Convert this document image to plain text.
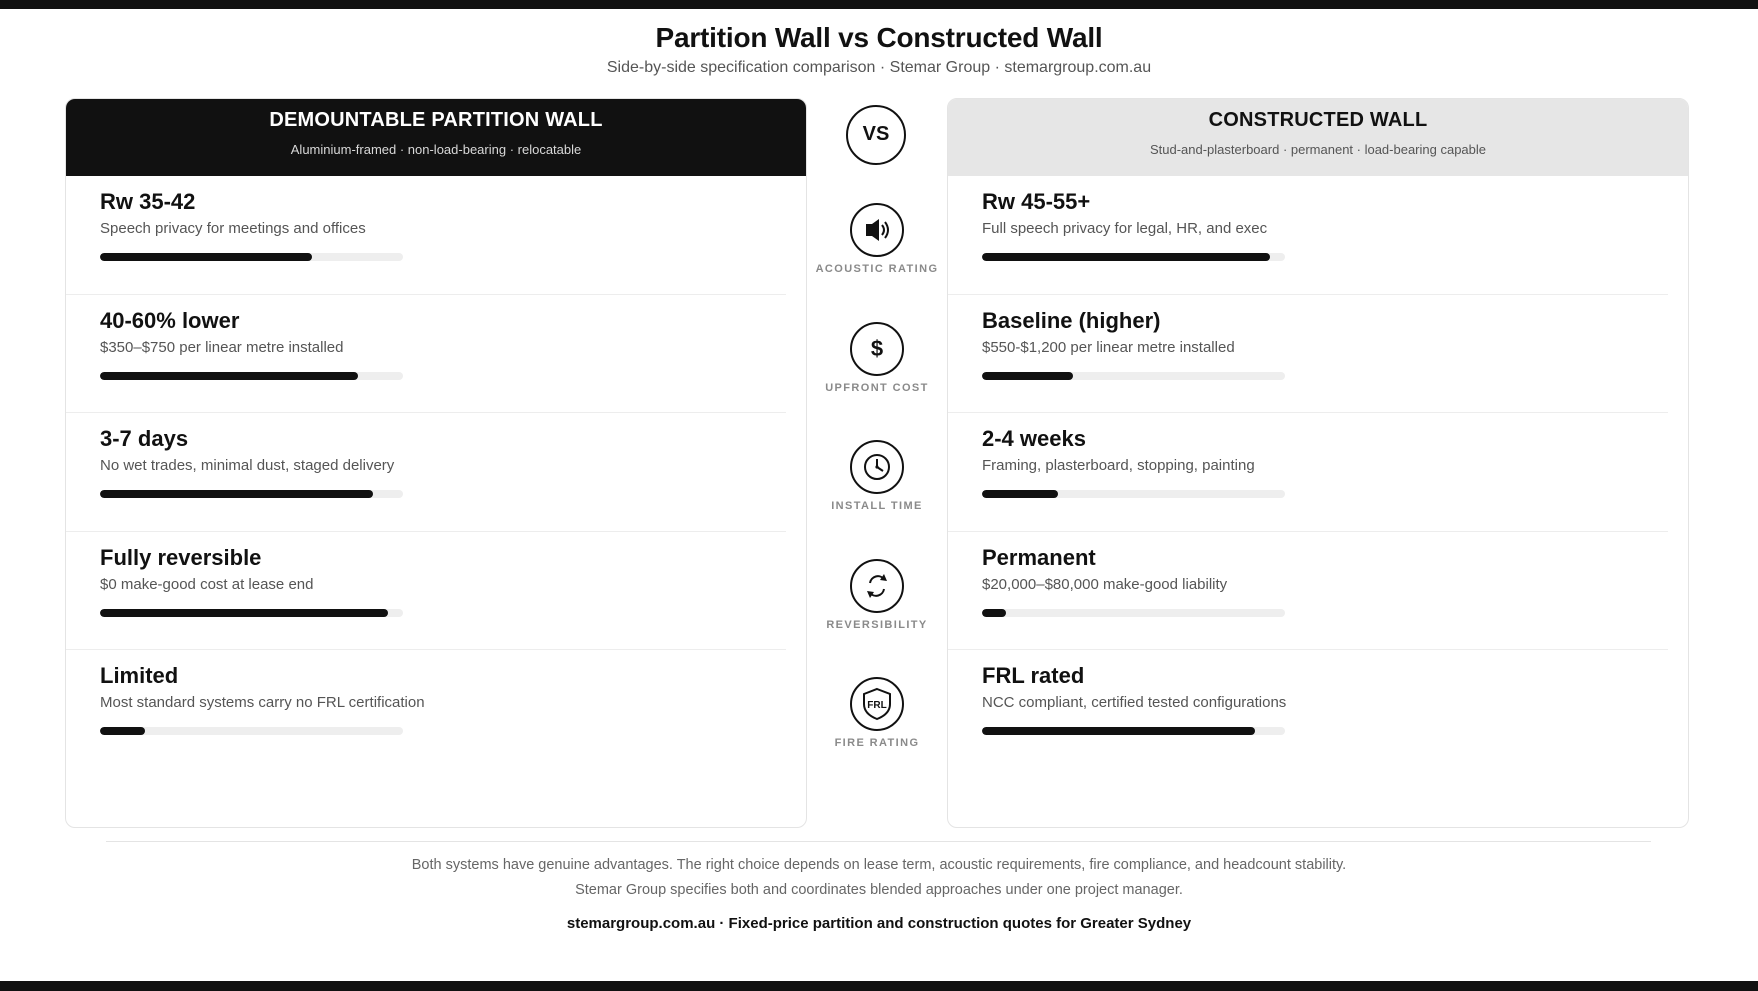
Partition Wall vs Constructed Wall
Side-by-side specification comparison · Stemar Group · stemargroup.com.au
DEMOUNTABLE PARTITION WALL
Aluminium-framed · non-load-bearing · relocatable
Rw 35-42
Speech privacy for meetings and offices
40-60% lower
$350–$750 per linear metre installed
3-7 days
No wet trades, minimal dust, staged delivery
Fully reversible
$0 make-good cost at lease end
Limited
Most standard systems carry no FRL certification
CONSTRUCTED WALL
Stud-and-plasterboard · permanent · load-bearing capable
Rw 45-55+
Full speech privacy for legal, HR, and exec
Baseline (higher)
$550-$1,200 per linear metre installed
2-4 weeks
Framing, plasterboard, stopping, painting
Permanent
$20,000–$80,000 make-good liability
FRL rated
NCC compliant, certified tested configurations
VS
ACOUSTIC RATING
$
UPFRONT COST
INSTALL TIME
REVERSIBILITY
FRL
FIRE RATING
Both systems have genuine advantages. The right choice depends on lease term, acoustic requirements, fire compliance, and headcount stability.
Stemar Group specifies both and coordinates blended approaches under one project manager.
stemargroup.com.au · Fixed-price partition and construction quotes for Greater Sydney
